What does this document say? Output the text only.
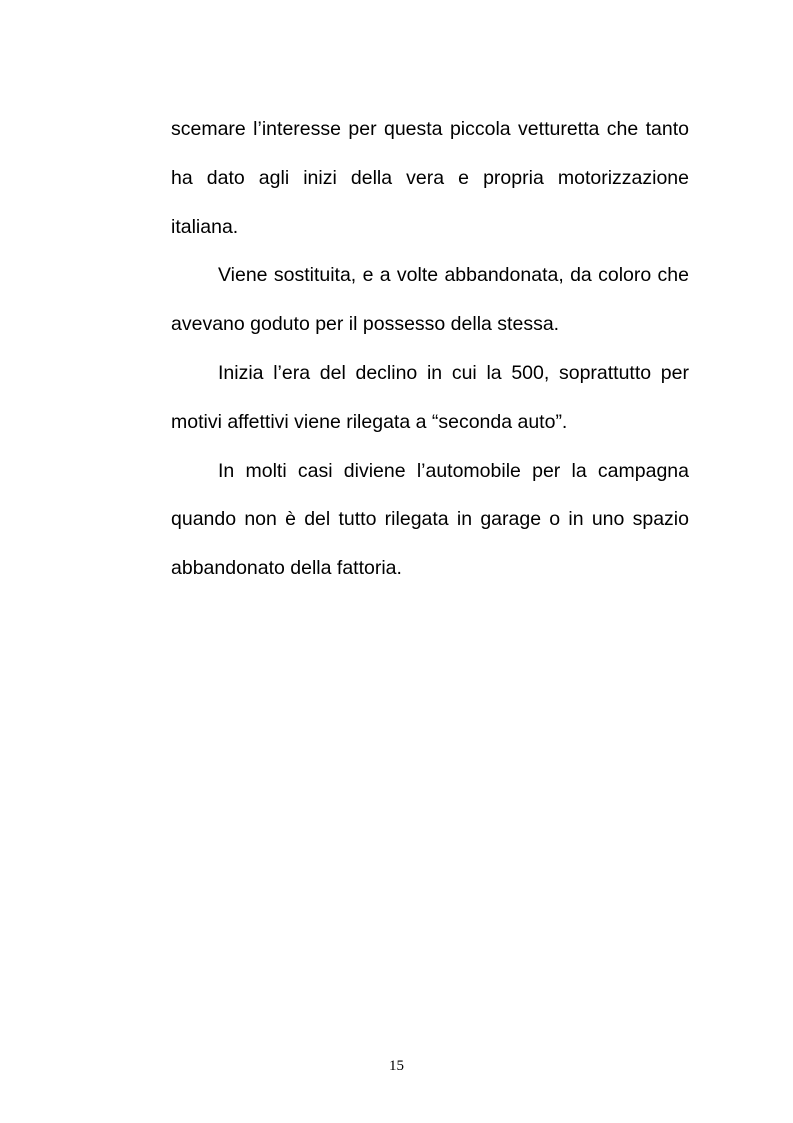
scemare l’interesse per questa piccola vetturetta che tanto ha dato agli inizi della vera e propria motorizzazione italiana.

Viene sostituita, e a volte abbandonata, da coloro che avevano goduto per il possesso della stessa.

Inizia l’era del declino in cui la 500, soprattutto per motivi affettivi viene rilegata a “seconda auto”.

In molti casi diviene l’automobile per la campagna quando non è del tutto rilegata in garage o in uno spazio abbandonato della fattoria.

15
